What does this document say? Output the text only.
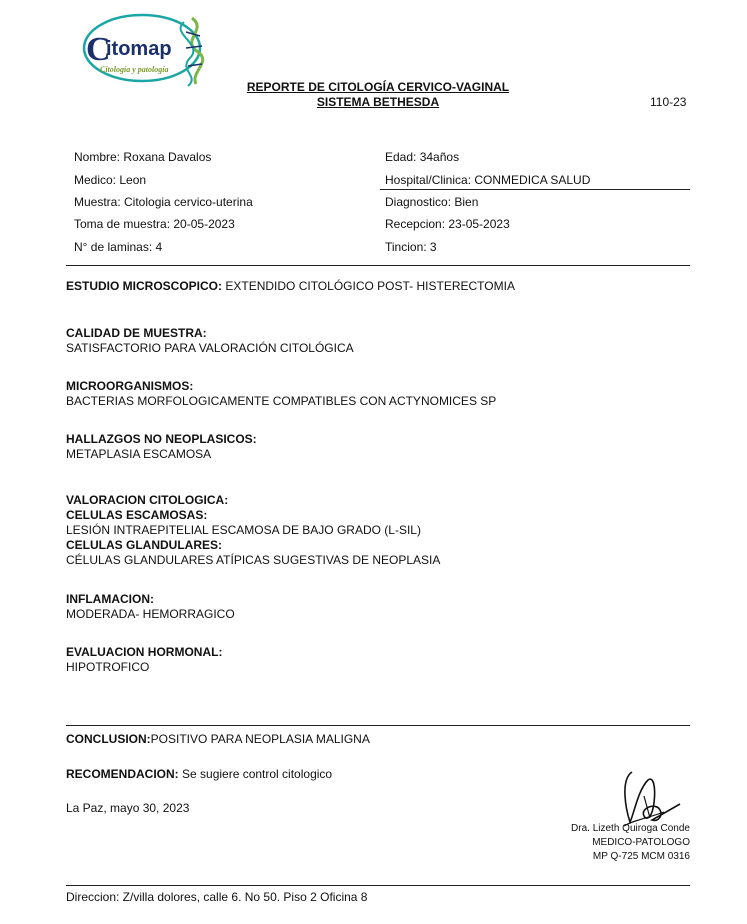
C
itomap
Citología y patología
REPORTE DE CITOLOGÍA CERVICO-VAGINAL
SISTEMA BETHESDA	110-23
Nombre: Roxana Davalos	Edad: 34años
Medico: Leon	Hospital/Clinica: CONMEDICA SALUD
Muestra: Citologia cervico-uterina	Diagnostico: Bien
Toma de muestra: 20-05-2023	Recepcion: 23-05-2023
N° de laminas: 4	Tincion: 3
ESTUDIO MICROSCOPICO: EXTENDIDO CITOLÓGICO POST- HISTERECTOMIA
CALIDAD DE MUESTRA:
SATISFACTORIO PARA VALORACIÓN CITOLÓGICA
MICROORGANISMOS:
BACTERIAS MORFOLOGICAMENTE COMPATIBLES CON ACTYNOMICES SP
HALLAZGOS NO NEOPLASICOS:
METAPLASIA ESCAMOSA
VALORACION CITOLOGICA:
CELULAS ESCAMOSAS:
LESIÓN INTRAEPITELIAL ESCAMOSA DE BAJO GRADO (L-SIL)
CELULAS GLANDULARES:
CÉLULAS GLANDULARES ATÍPICAS SUGESTIVAS DE NEOPLASIA
INFLAMACION:
MODERADA- HEMORRAGICO
EVALUACION HORMONAL:
HIPOTROFICO
CONCLUSION:POSITIVO PARA NEOPLASIA MALIGNA
RECOMENDACION: Se sugiere control citologico
La Paz, mayo 30, 2023
Dra. Lizeth Quiroga Conde
MEDICO-PATOLOGO
MP Q-725 MCM 0316
Direccion: Z/villa dolores, calle 6. No 50. Piso 2 Oficina 8
